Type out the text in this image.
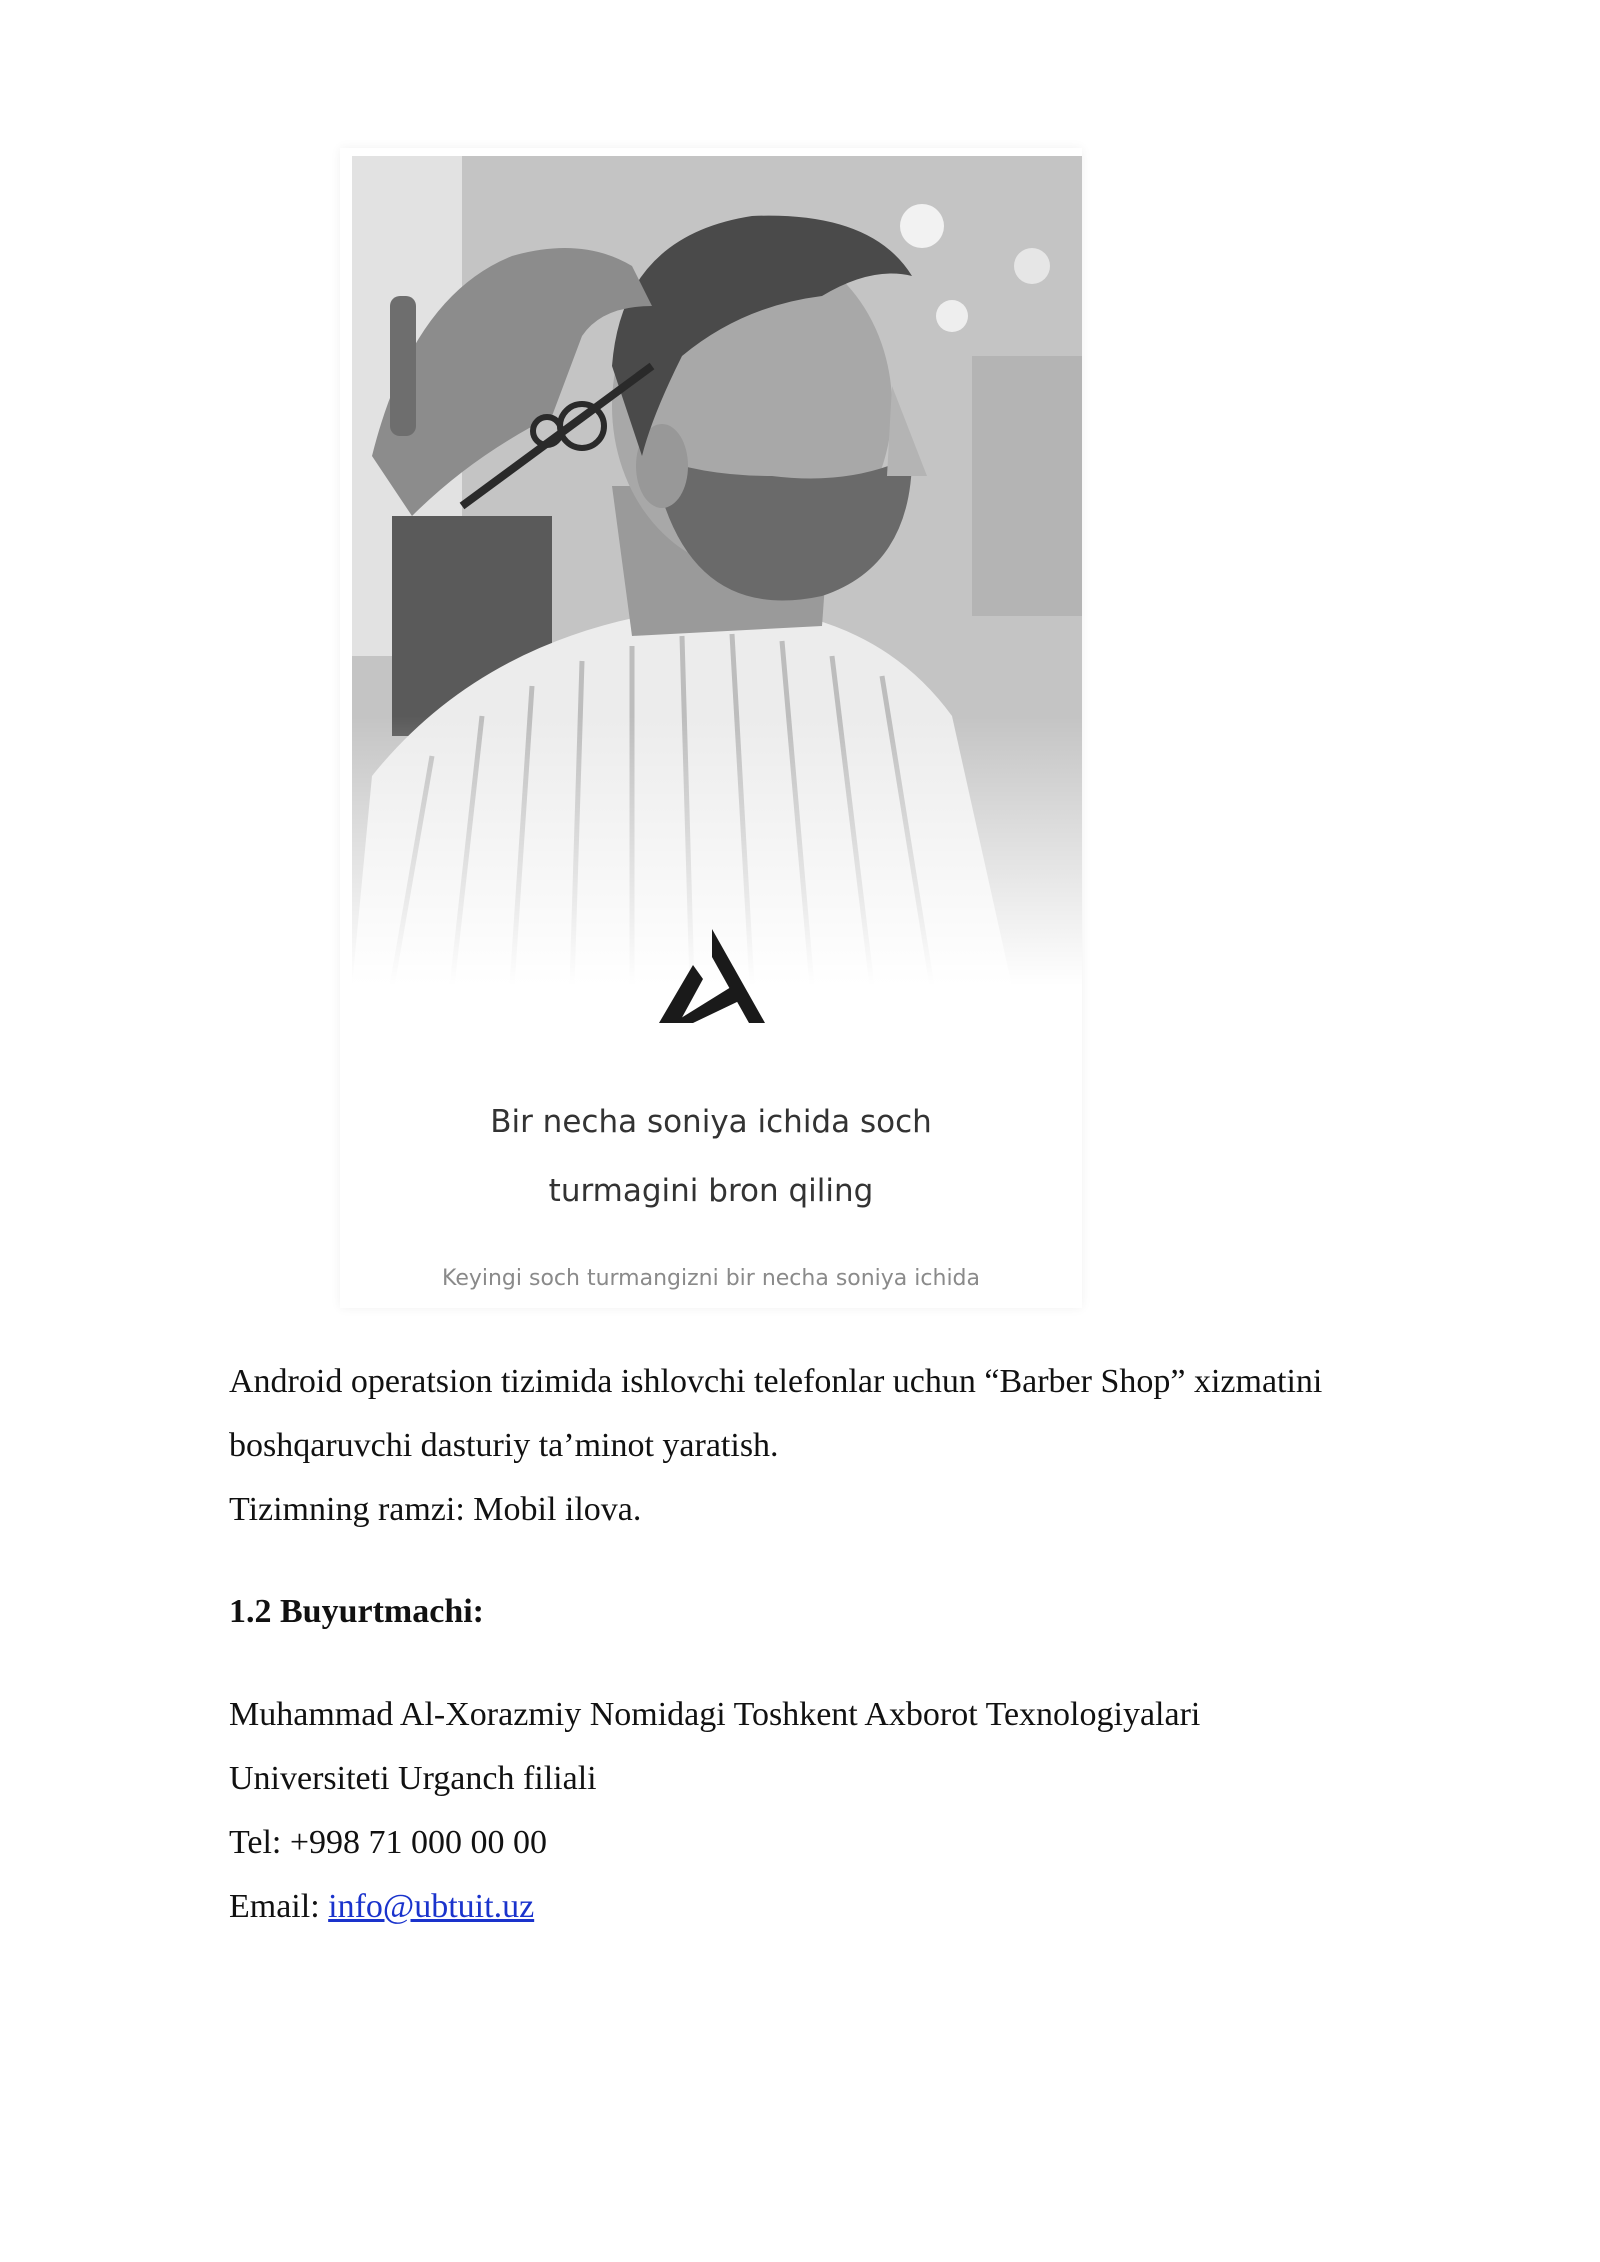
Bir necha soniya ichida soch
turmagini bron qiling
Keyingi soch turmangizni bir necha soniya ichida
Android operatsion tizimida ishlovchi telefonlar uchun “Barber Shop” xizmatini
boshqaruvchi dasturiy ta’minot yaratish.
Tizimning ramzi: Mobil ilova.
1.2 Buyurtmachi:
Muhammad Al-Xorazmiy Nomidagi Toshkent Axborot Texnologiyalari
Universiteti Urganch filiali
Tel: +998 71 000 00 00
Email: info@ubtuit.uz
